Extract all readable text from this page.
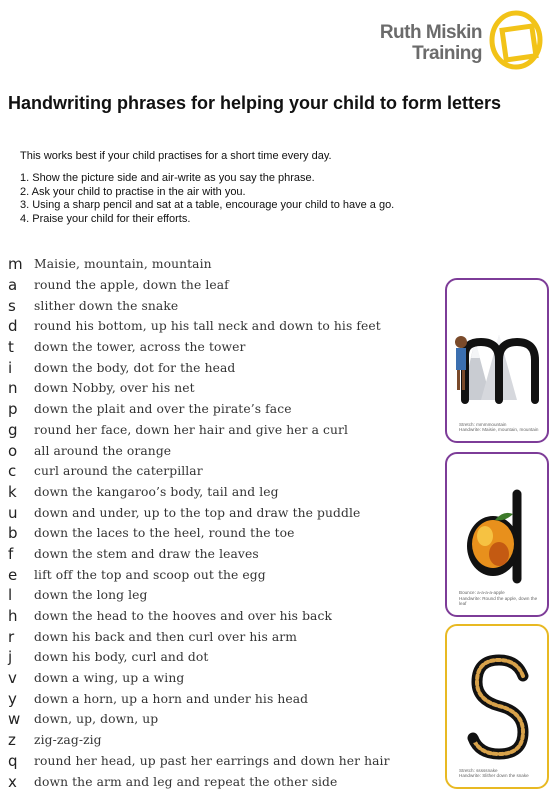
Ruth Miskin
Training
Handwriting phrases for helping your child to form letters
This works best if your child practises for a short time every day.
1. Show the picture side and air-write as you say the phrase.
2. Ask your child to practise in the air with you.
3. Using a sharp pencil and sat at a table, encourage your child to have a go.
4. Praise your child for their efforts.
m Maisie, mountain, mountain
a	round the apple, down the leaf
s	slither down the snake
d	round his bottom, up his tall neck and down to his feet
t	down the tower, across the tower
i	down the body, dot for the head
n	down Nobby, over his net
p	down the plait and over the pirate’s face
g	round her face, down her hair and give her a curl
o	all around the orange
c	curl around the caterpillar
k	down the kangaroo’s body, tail and leg
u	down and under, up to the top and draw the puddle
b	down the laces to the heel, round the toe
f	down the stem and draw the leaves
e	lift off the top and scoop out the egg
l	down the long leg
h	down the head to the hooves and over his back
r	down his back and then curl over his arm
j	down his body, curl and dot
v	down a wing, up a wing
y	down a horn, up a horn and under his head
w	down, up, down, up
z	zig-zag-zig
q	round her head, up past her earrings and down her hair
x	down the arm and leg and repeat the other side
Stretch: mmmmountain
Handwrite: Maisie, mountain, mountain
Bounce: a-a-a-a-apple
Handwrite: Round the apple, down the leaf
Stretch: sssssnake
Handwrite: Slither down the snake
